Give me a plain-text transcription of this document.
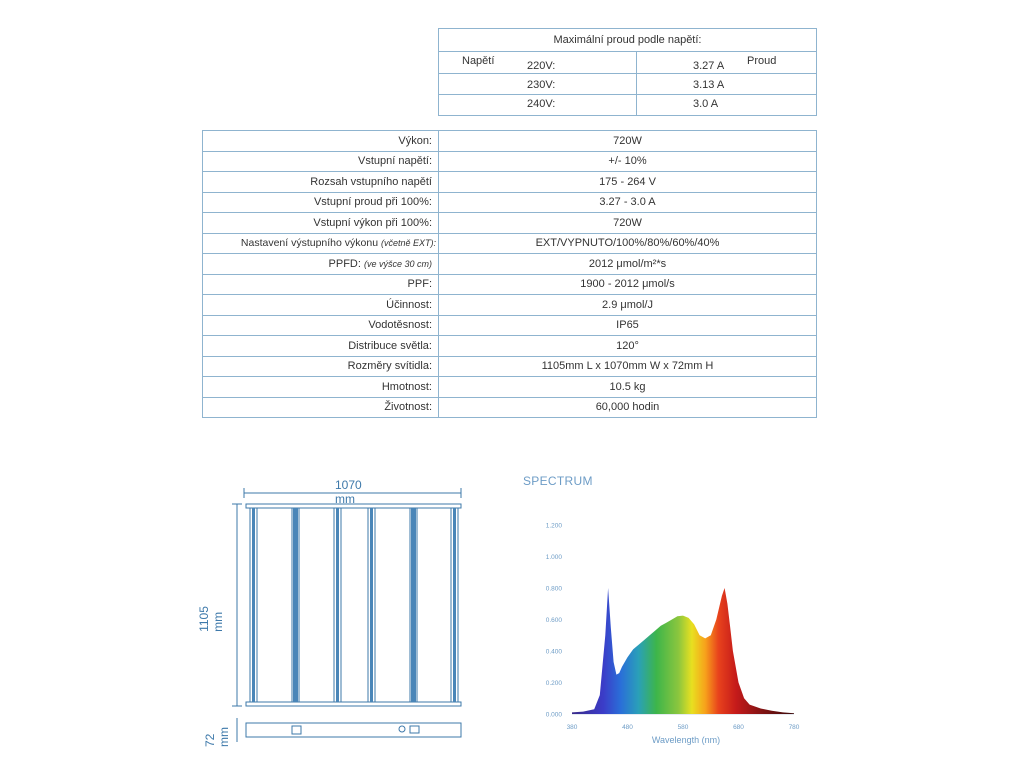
Maximální proud podle napětí:
Napětí	Proud
220V:	3.27 A
230V:	3.13 A
240V:	3.0 A
Výkon:	720W
Vstupní napětí:	+/- 10%
Rozsah vstupního napětí	175 - 264 V
Vstupní proud při 100%:	3.27 - 3.0 A
Vstupní výkon při 100%:	720W
Nastavení výstupního výkonu (včetně EXT):	EXT/VYPNUTO/100%/80%/60%/40%
PPFD: (ve výšce 30 cm)	2012 μmol/m²*s
PPF:	1900 - 2012 μmol/s
Účinnost:	2.9 μmol/J
Vodotěsnost:	IP65
Distribuce světla:	120°
Rozměry svítidla:	1105mm L x 1070mm W x 72mm H
Hmotnost:	10.5 kg
Životnost:	60,000 hodin
1070 mm
1105 mm
72 mm
SPECTRUM
0.000
0.200
0.400
0.600
0.800
1.000
1.200
380	480	580	680	780
Wavelength (nm)
